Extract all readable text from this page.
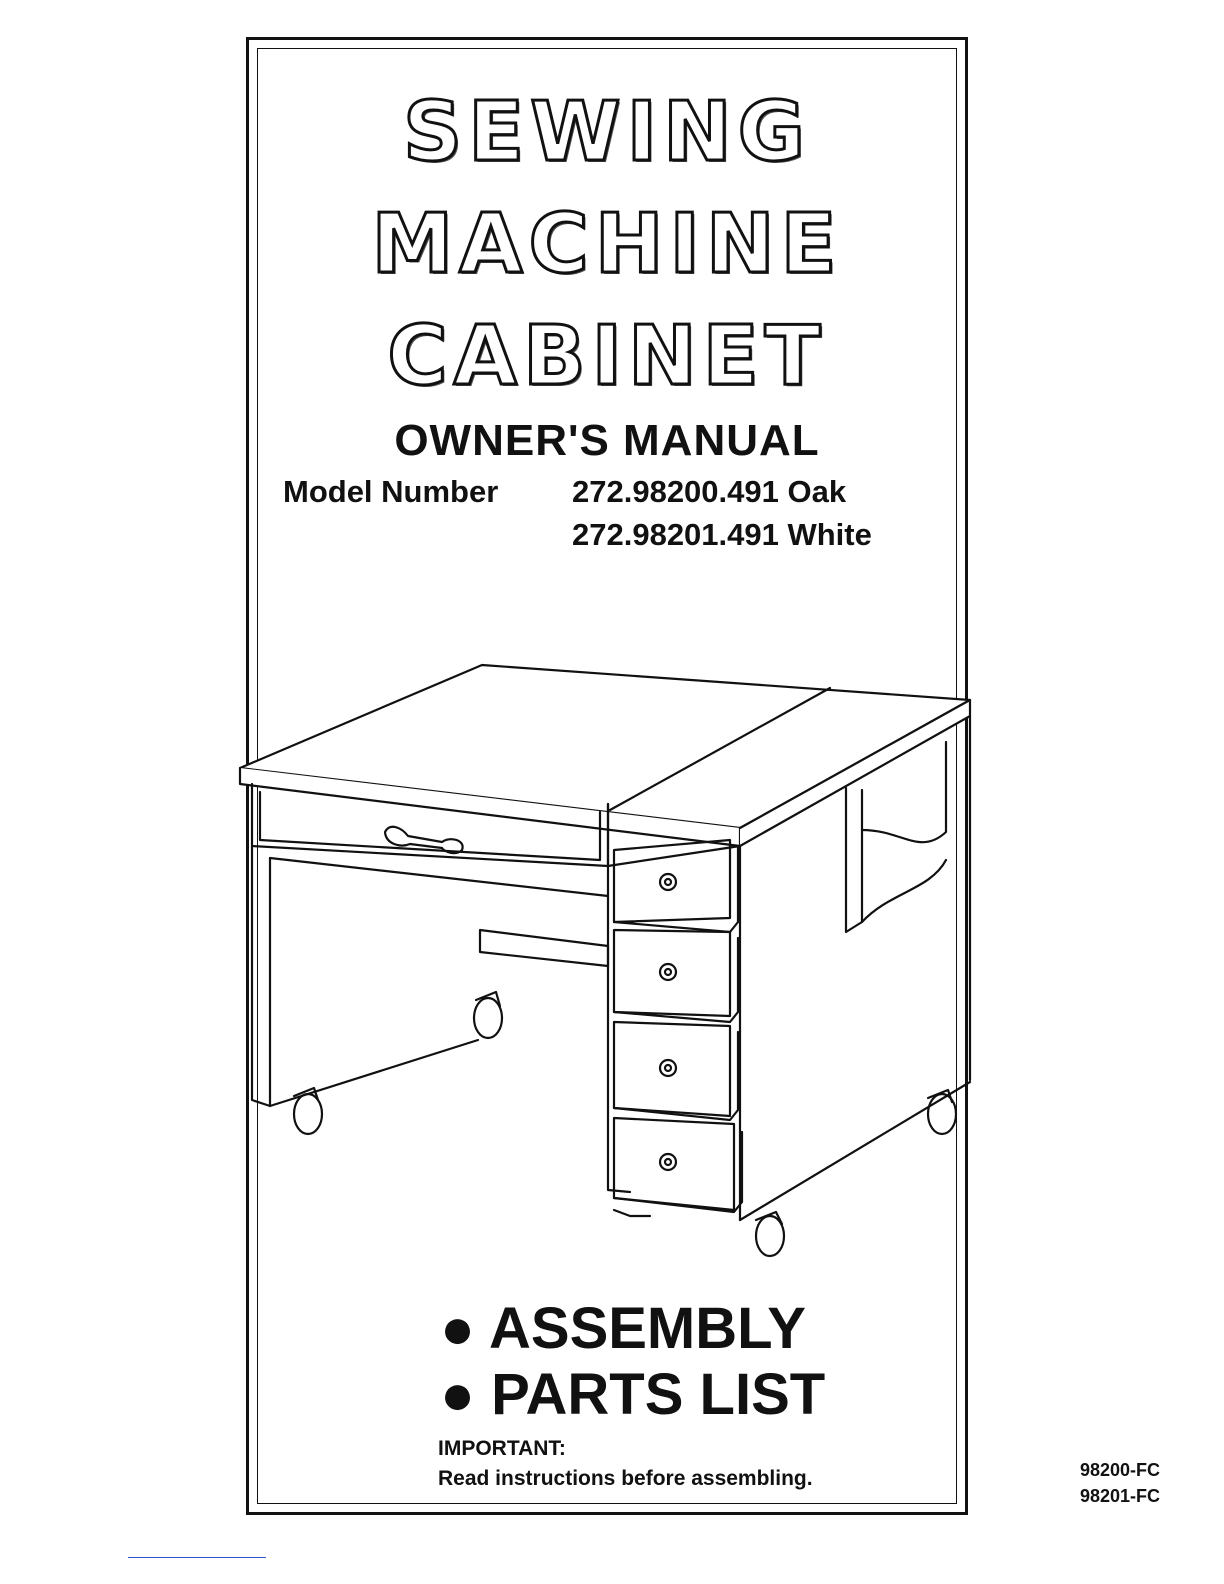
SEWING
MACHINE
CABINET
OWNER'S MANUAL
Model Number 272.98200.491 Oak
272.98201.491 White
● ASSEMBLY
● PARTS LIST
IMPORTANT:
Read instructions before assembling.	98200-FC
98201-FC
